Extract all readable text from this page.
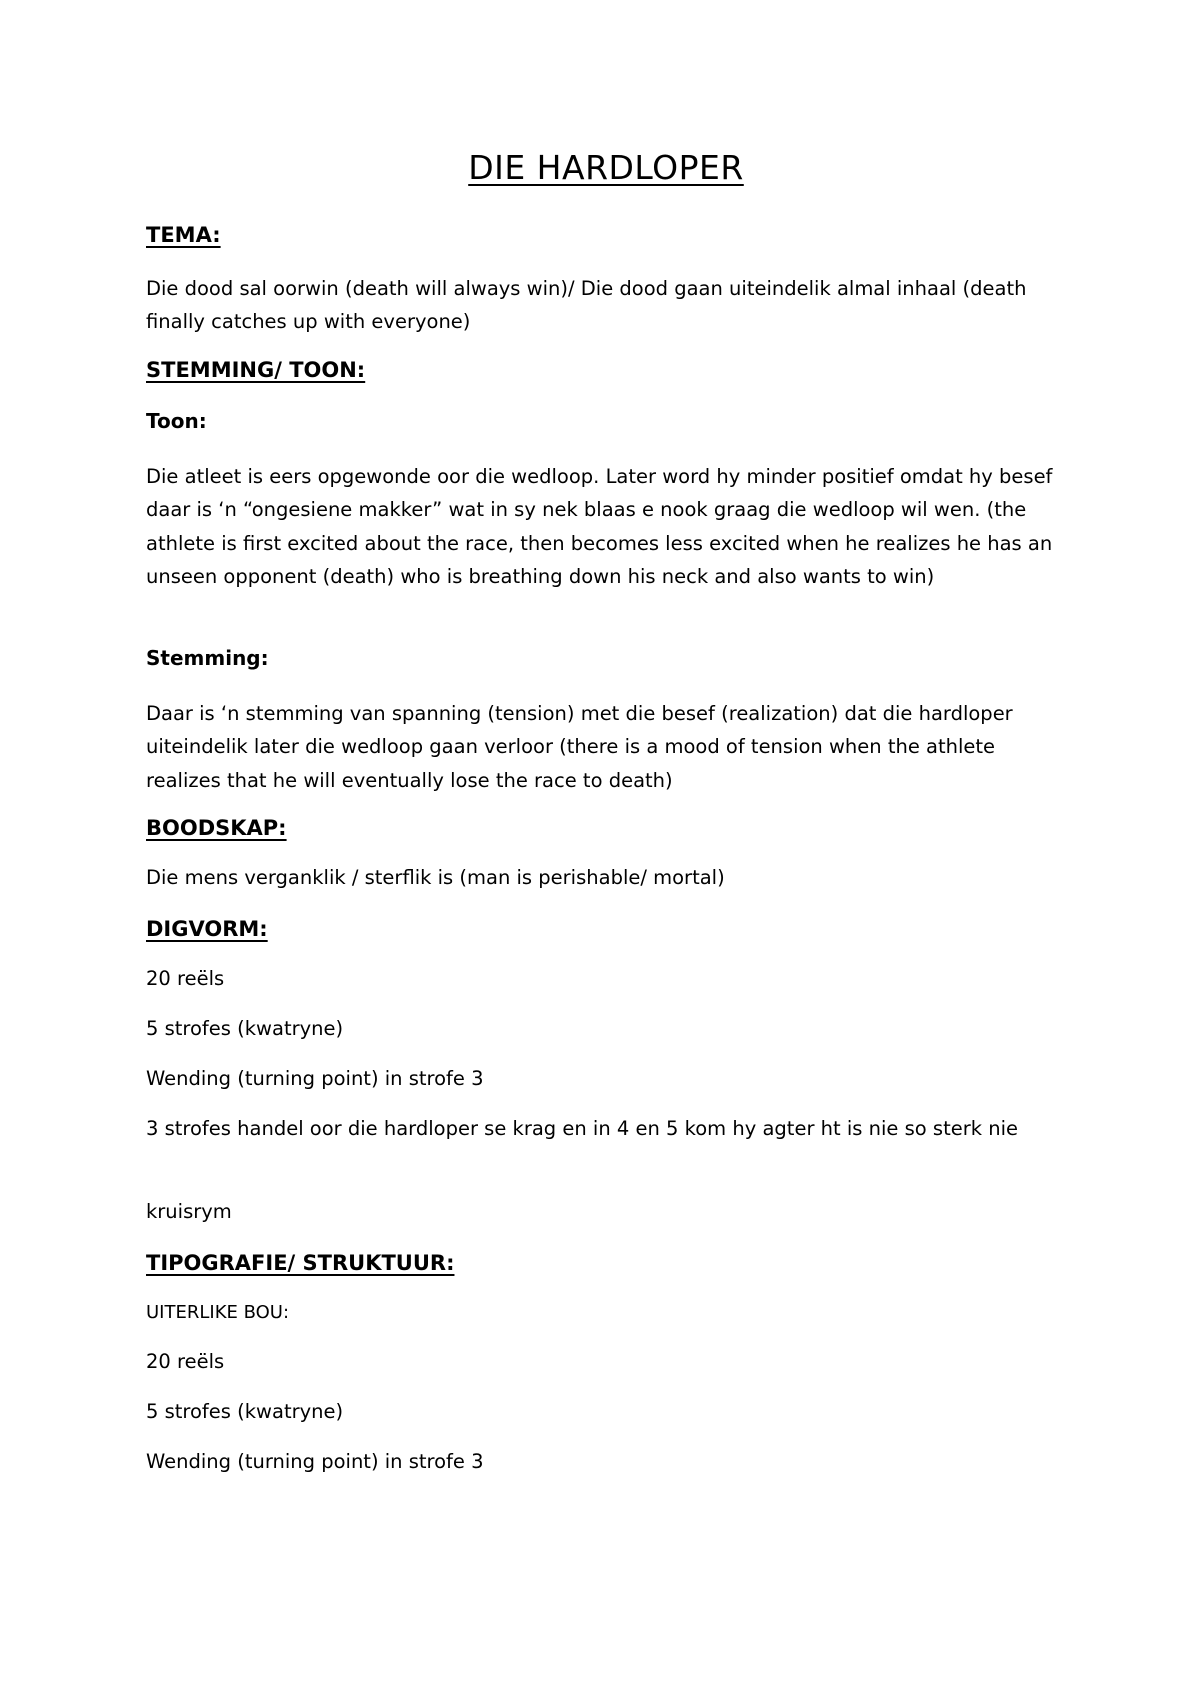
DIE HARDLOPER
TEMA:

Die dood sal oorwin (death will always win)/ Die dood gaan uiteindelik almal inhaal (death finally catches up with everyone)

STEMMING/ TOON:
Toon:

Die atleet is eers opgewonde oor die wedloop. Later word hy minder positief omdat hy besef daar is ‘n “ongesiene makker” wat in sy nek blaas e nook graag die wedloop wil wen. (the athlete is first excited about the race, then becomes less excited when he realizes he has an unseen opponent (death) who is breathing down his neck and also wants to win)

Stemming:

Daar is ‘n stemming van spanning (tension) met die besef (realization) dat die hardloper uiteindelik later die wedloop gaan verloor (there is a mood of tension when the athlete realizes that he will eventually lose the race to death)

BOODSKAP:

Die mens verganklik / sterflik is (man is perishable/ mortal)

DIGVORM:

20 reëls

5 strofes (kwatryne)

Wending (turning point) in strofe 3

3 strofes handel oor die hardloper se krag en in 4 en 5 kom hy agter ht is nie so sterk nie

kruisrym

TIPOGRAFIE/ STRUKTUUR:
UITERLIKE BOU:

20 reëls

5 strofes (kwatryne)

Wending (turning point) in strofe 3
